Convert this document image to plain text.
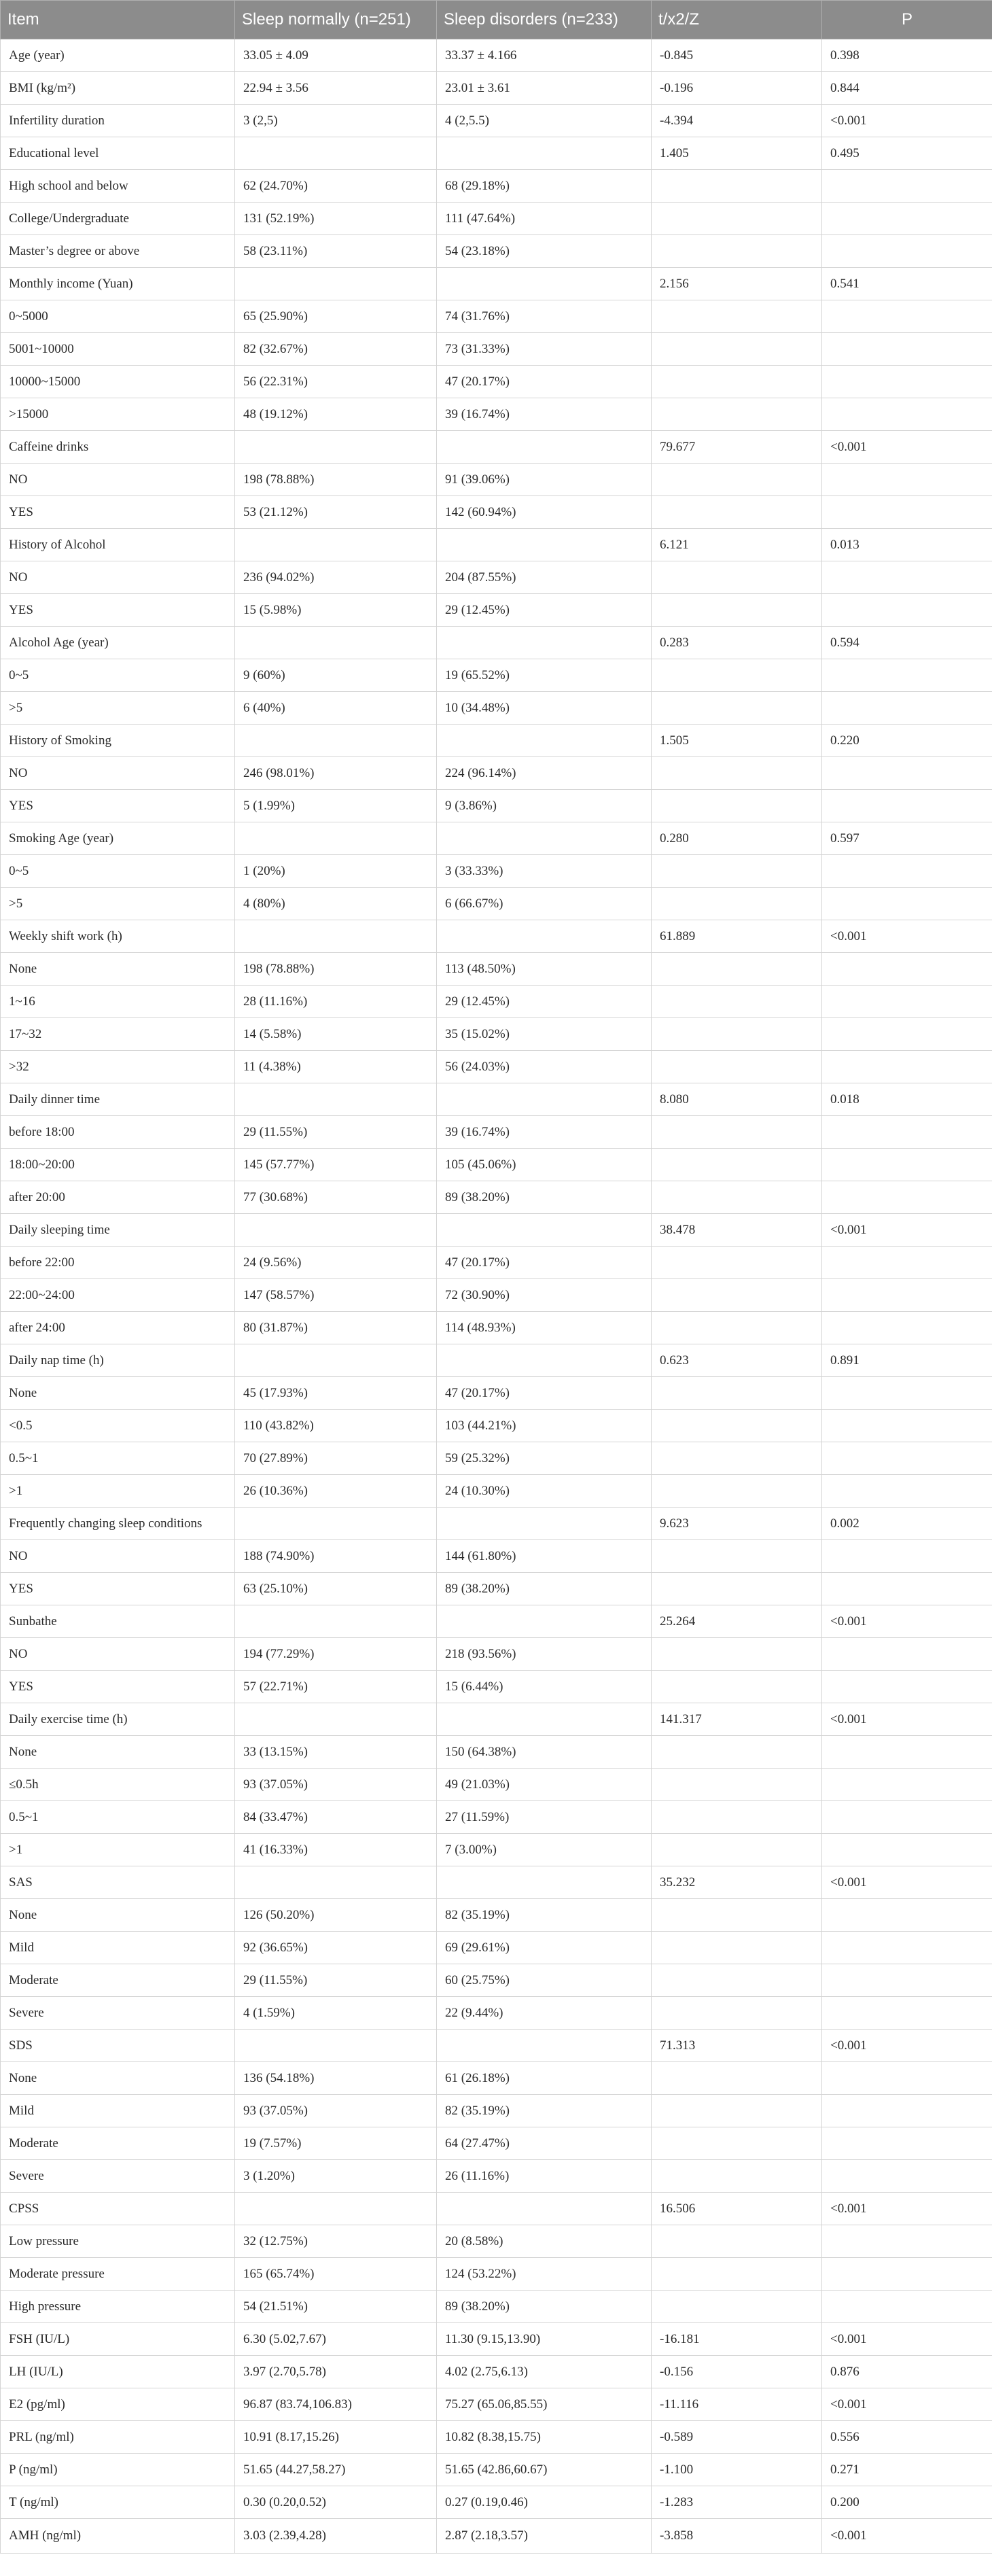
Item	Sleep normally (n=251)	Sleep disorders (n=233)	t/x2/Z	P
Age (year)	33.05 ± 4.09	33.37 ± 4.166	-0.845	0.398
BMI (kg/m²)	22.94 ± 3.56	23.01 ± 3.61	-0.196	0.844
Infertility duration	3 (2,5)	4 (2,5.5)	-4.394	<0.001
Educational level			1.405	0.495
High school and below	62 (24.70%)	68 (29.18%)		
College/Undergraduate	131 (52.19%)	111 (47.64%)		
Master’s degree or above	58 (23.11%)	54 (23.18%)		
Monthly income (Yuan)			2.156	0.541
0~5000	65 (25.90%)	74 (31.76%)		
5001~10000	82 (32.67%)	73 (31.33%)		
10000~15000	56 (22.31%)	47 (20.17%)		
>15000	48 (19.12%)	39 (16.74%)		
Caffeine drinks			79.677	<0.001
NO	198 (78.88%)	91 (39.06%)		
YES	53 (21.12%)	142 (60.94%)		
History of Alcohol			6.121	0.013
NO	236 (94.02%)	204 (87.55%)		
YES	15 (5.98%)	29 (12.45%)		
Alcohol Age (year)			0.283	0.594
0~5	9 (60%)	19 (65.52%)		
>5	6 (40%)	10 (34.48%)		
History of Smoking			1.505	0.220
NO	246 (98.01%)	224 (96.14%)		
YES	5 (1.99%)	9 (3.86%)		
Smoking Age (year)			0.280	0.597
0~5	1 (20%)	3 (33.33%)		
>5	4 (80%)	6 (66.67%)		
Weekly shift work (h)			61.889	<0.001
None	198 (78.88%)	113 (48.50%)		
1~16	28 (11.16%)	29 (12.45%)		
17~32	14 (5.58%)	35 (15.02%)		
>32	11 (4.38%)	56 (24.03%)		
Daily dinner time			8.080	0.018
before 18:00	29 (11.55%)	39 (16.74%)		
18:00~20:00	145 (57.77%)	105 (45.06%)		
after 20:00	77 (30.68%)	89 (38.20%)		
Daily sleeping time			38.478	<0.001
before 22:00	24 (9.56%)	47 (20.17%)		
22:00~24:00	147 (58.57%)	72 (30.90%)		
after 24:00	80 (31.87%)	114 (48.93%)		
Daily nap time (h)			0.623	0.891
None	45 (17.93%)	47 (20.17%)		
<0.5	110 (43.82%)	103 (44.21%)		
0.5~1	70 (27.89%)	59 (25.32%)		
>1	26 (10.36%)	24 (10.30%)		
Frequently changing sleep conditions			9.623	0.002
NO	188 (74.90%)	144 (61.80%)		
YES	63 (25.10%)	89 (38.20%)		
Sunbathe			25.264	<0.001
NO	194 (77.29%)	218 (93.56%)		
YES	57 (22.71%)	15 (6.44%)		
Daily exercise time (h)			141.317	<0.001
None	33 (13.15%)	150 (64.38%)		
≤0.5h	93 (37.05%)	49 (21.03%)		
0.5~1	84 (33.47%)	27 (11.59%)		
>1	41 (16.33%)	7 (3.00%)		
SAS			35.232	<0.001
None	126 (50.20%)	82 (35.19%)		
Mild	92 (36.65%)	69 (29.61%)		
Moderate	29 (11.55%)	60 (25.75%)		
Severe	4 (1.59%)	22 (9.44%)		
SDS			71.313	<0.001
None	136 (54.18%)	61 (26.18%)		
Mild	93 (37.05%)	82 (35.19%)		
Moderate	19 (7.57%)	64 (27.47%)		
Severe	3 (1.20%)	26 (11.16%)		
CPSS			16.506	<0.001
Low pressure	32 (12.75%)	20 (8.58%)		
Moderate pressure	165 (65.74%)	124 (53.22%)		
High pressure	54 (21.51%)	89 (38.20%)		
FSH (IU/L)	6.30 (5.02,7.67)	11.30 (9.15,13.90)	-16.181	<0.001
LH (IU/L)	3.97 (2.70,5.78)	4.02 (2.75,6.13)	-0.156	0.876
E2 (pg/ml)	96.87 (83.74,106.83)	75.27 (65.06,85.55)	-11.116	<0.001
PRL (ng/ml)	10.91 (8.17,15.26)	10.82 (8.38,15.75)	-0.589	0.556
P (ng/ml)	51.65 (44.27,58.27)	51.65 (42.86,60.67)	-1.100	0.271
T (ng/ml)	0.30 (0.20,0.52)	0.27 (0.19,0.46)	-1.283	0.200
AMH (ng/ml)	3.03 (2.39,4.28)	2.87 (2.18,3.57)	-3.858	<0.001
